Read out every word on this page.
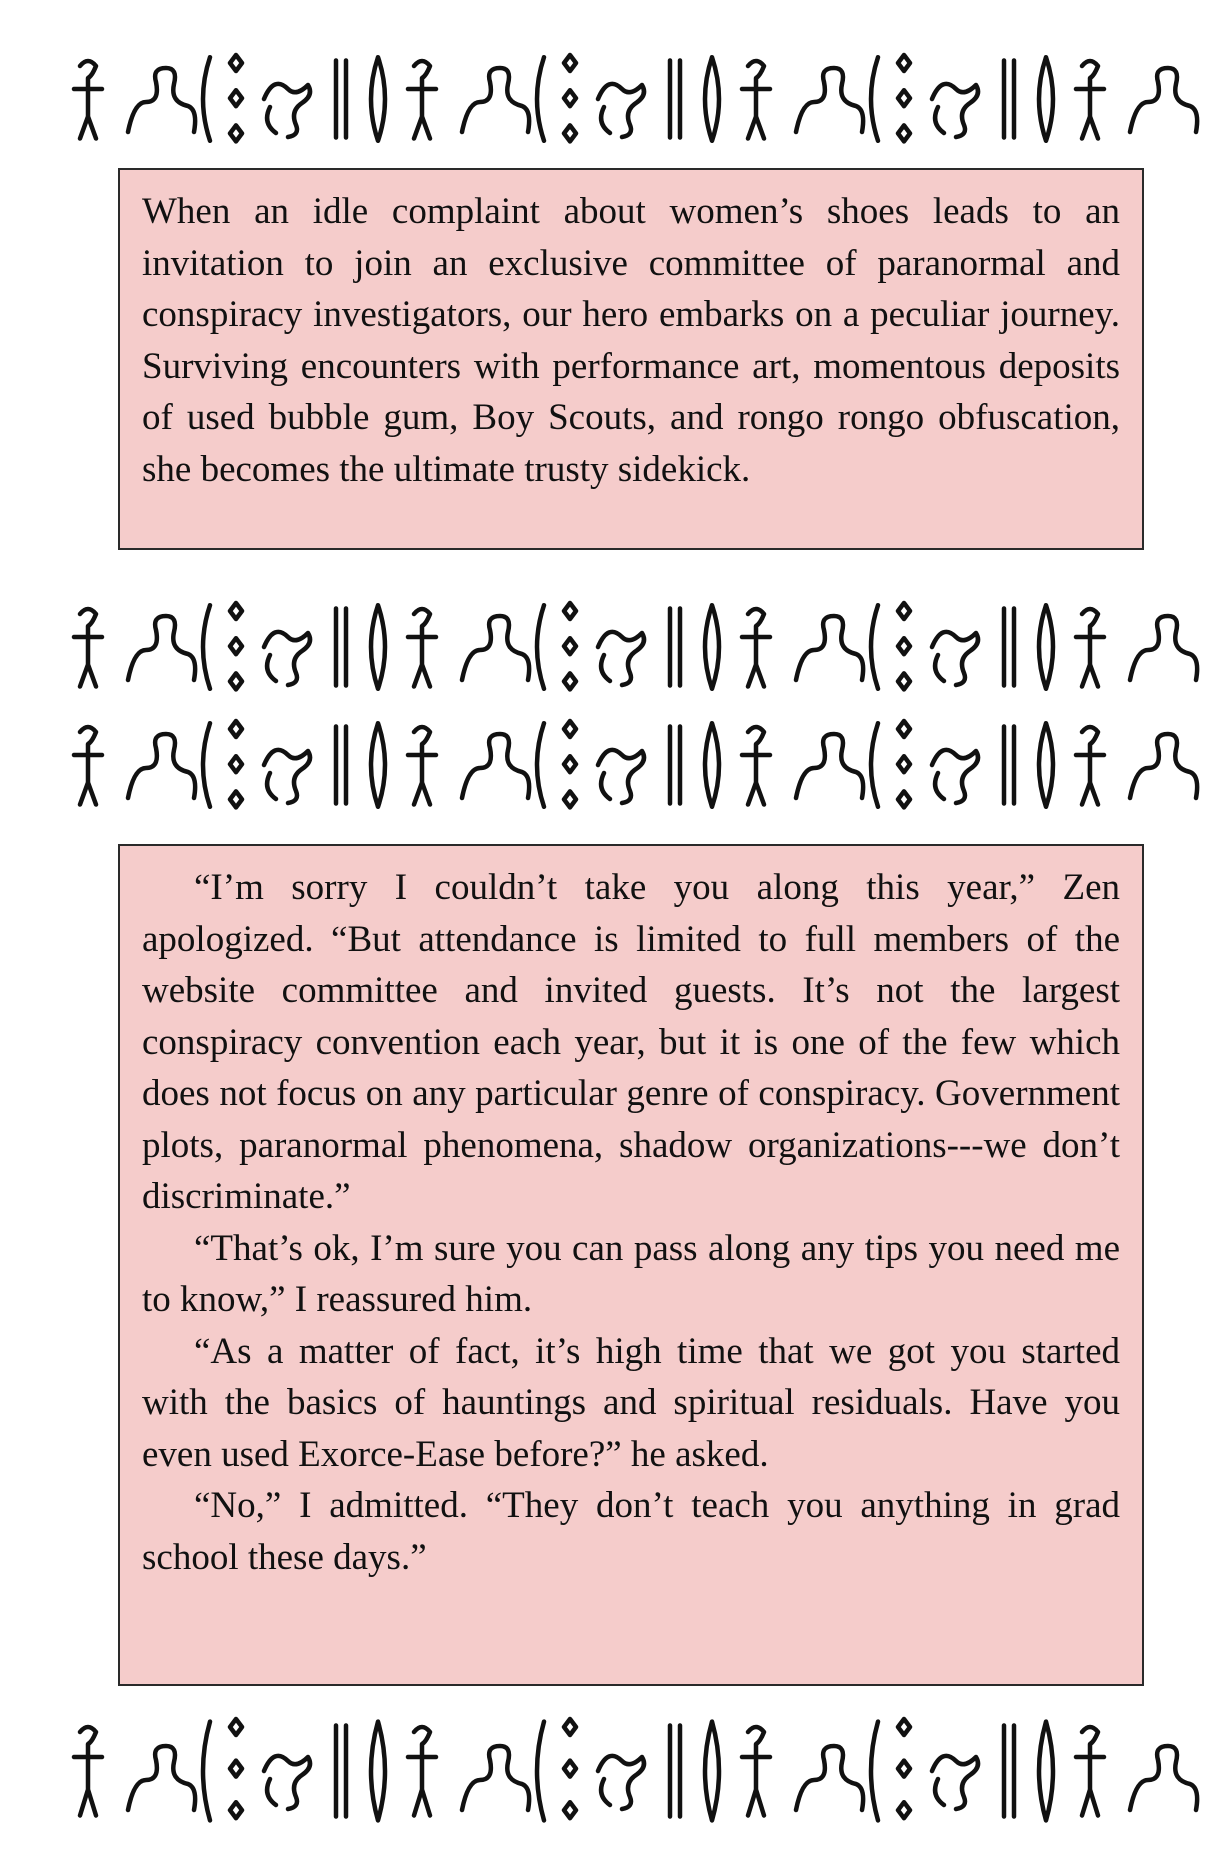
When an idle complaint about women’s shoes leads to an invitation to join an exclusive committee of paranormal and conspiracy investigators, our hero embarks on a peculiar journey. Surviving encounters with performance art, momentous deposits of used bubble gum, Boy Scouts, and rongo rongo obfuscation, she becomes the ultimate trusty sidekick.

“I’m sorry I couldn’t take you along this year,” Zen apologized. “But attendance is limited to full members of the website committee and invited guests. It’s not the largest conspiracy convention each year, but it is one of the few which does not focus on any particular genre of conspiracy. Government plots, paranormal phenomena, shadow organizations---we don’t discriminate.”

“That’s ok, I’m sure you can pass along any tips you need me to know,” I reassured him.

“As a matter of fact, it’s high time that we got you started with the basics of hauntings and spiritual residuals. Have you even used Exorce-Ease before?” he asked.

“No,” I admitted. “They don’t teach you anything in grad school these days.”
